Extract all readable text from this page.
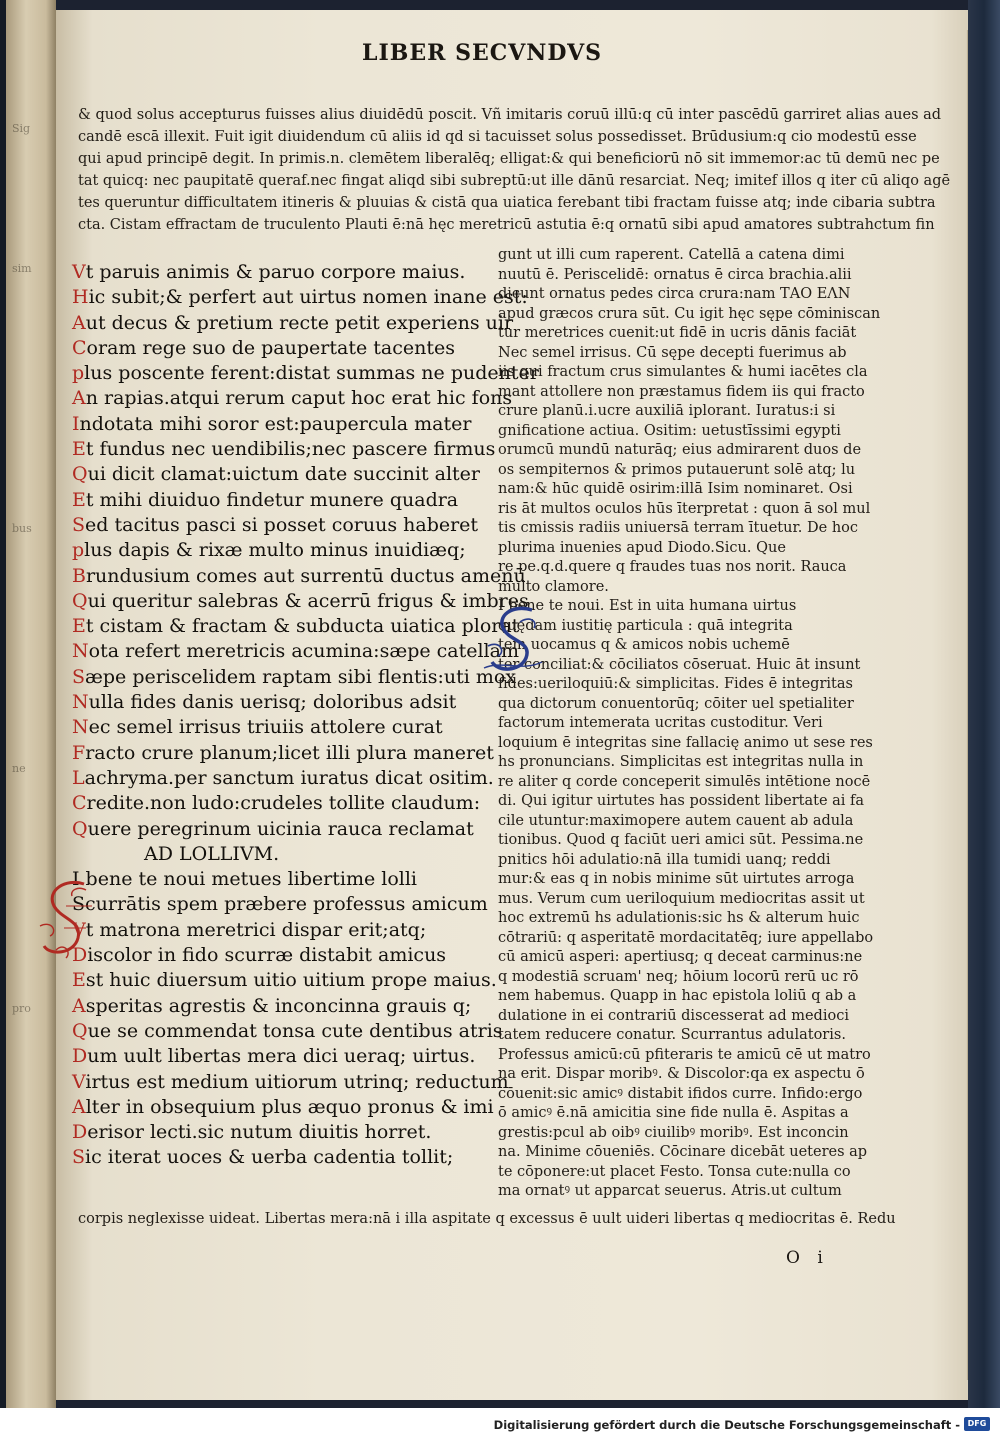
Sig
sim
bus
ne
pro
LIBER SECVNDVS

& quod solus accepturus fuisses alius diuidēdū poscit. Vñ imitaris coruū illū:q cū inter pascēdū garriret alias aues ad

candē escā illexit. Fuit igit diuidendum cū aliis id qd si tacuisset solus possedisset. Brūdusium:q cio modestū esse

qui apud principē degit. In primis.n. clemētem liberalēq; elligat:& qui beneficiorū nō sit immemor:ac tū demū nec pe

tat quicq: nec paupitatē queraf.nec fingat aliqd sibi subreptū:ut ille dānū resarciat. Neq; imitef illos q iter cū aliqo agē

tes queruntur difficultatem itineris & pluuias & cistā qua uiatica ferebant tibi fractam fuisse atq; inde cibaria subtra

cta. Cistam effractam de truculento Plauti ē:nā hęc meretricū astutia ē:q ornatū sibi apud amatores subtrahctum fin

Vt paruis animis & paruo corpore maius.

Hic subit;& perfert aut uirtus nomen inane est:

Aut decus & pretium recte petit experiens uir

Coram rege suo de paupertate tacentes

plus poscente ferent:distat summas ne pudenter

An rapias.atqui rerum caput hoc erat hic fons

Indotata mihi soror est:paupercula mater

Et fundus nec uendibilis;nec pascere firmus

Qui dicit clamat:uictum date succinit alter

Et mihi diuiduo findetur munere quadra

Sed tacitus pasci si posset coruus haberet

plus dapis & rixæ multo minus inuidiæq;

Brundusium comes aut surrentū ductus amenū

Qui queritur salebras & acerrū frigus & imbres

Et cistam & fractam & subducta uiatica plorat

Nota refert meretricis acumina:sæpe catellam

Sæpe periscelidem raptam sibi flentis:uti mox

Nulla fides danis uerisq; doloribus adsit

Nec semel irrisus triuiis attolere curat

Fracto crure planum;licet illi plura maneret

Lachryma.per sanctum iuratus dicat ositim.

Credite.non ludo:crudeles tollite claudum:

Quere peregrinum uicinia rauca reclamat

AD LOLLIVM.

I bene te noui metues libertime lolli

Scurrātis spem præbere professus amicum

Vt matrona meretrici dispar erit;atq;

Discolor in fido scurræ distabit amicus

Est huic diuersum uitio uitium prope maius.

Asperitas agrestis & inconcinna grauis q;

Que se commendat tonsa cute dentibus atris

Dum uult libertas mera dici ueraq; uirtus.

Virtus est medium uitiorum utrinq; reductum

Alter in obsequium plus æquo pronus & imi

Derisor lecti.sic nutum diuitis horret.

Sic iterat uoces & uerba cadentia tollit;

gunt ut illi cum raperent. Catellā a catena dimi

nuutū ē. Periscelidē: ornatus ē circa brachia.alii

dicunt ornatus pedes circa crura:nam ΤΑΟ ΕΛΝ

apud græcos crura sūt. Cu igit hęc sępe cōminiscan

tur meretrices cuenit:ut fidē in ucris dānis faciāt

Nec semel irrisus. Cū sępe decepti fuerimus ab

iis qui fractum crus simulantes & humi iacētes cla

mant attollere non præstamus fidem iis qui fracto

crure planū.i.ucre auxiliā iplorant. Iuratus:i si

gnificatione actiua. Ositim: uetustīssimi egypti

orumcū mundū naturāq; eius admirarent duos de

os sempiternos & primos putauerunt solē atq; lu

nam:& hūc quidē osirim:illā Isim nominaret. Osi

ris āt multos oculos hūs īterpretat : quon ā sol mul

tis cmissis radiis uniuersā terram ītuetur. De hoc

plurima inuenies apud Diodo.Sicu. Que

re pe.q.d.quere q fraudes tuas nos norit. Rauca

multo clamore.

I bene te noui. Est in uita humana uirtus

quędam iustitię particula : quā integrita

tem uocamus q & amicos nobis uchemē

ter conciliat:& cōciliatos cōseruat. Huic āt insunt

fides:ueriloquiū:& simplicitas. Fides ē integritas

qua dictorum conuentorūq; cōiter uel spetialiter

factorum intemerata ucritas custoditur. Veri

loquium ē integritas sine fallacię animo ut sese res

hs pronuncians. Simplicitas est integritas nulla in

re aliter q corde conceperit simulēs intētione nocē

di. Qui igitur uirtutes has possident libertate ai fa

cile utuntur:maximopere autem cauent ab adula

tionibus. Quod q faciūt ueri amici sūt. Pessima.ne

pnitics hōi adulatio:nā illa tumidi uanq; reddi

mur:& eas q in nobis minime sūt uirtutes arroga

mus. Verum cum ueriloquium mediocritas assit ut

hoc extremū hs adulationis:sic hs & alterum huic

cōtrariū: q asperitatē mordacitatēq; iure appellabo

cū amicū asperi: apertiusq; q deceat carminus:ne

q modestiā scruam' neq; hōium locorū rerū uc rō

nem habemus. Quapp in hac epistola loliū q ab a

dulatione in ei contrariū discesserat ad medioci

tatem reducere conatur. Scurrantus adulatoris.

Professus amicū:cū pfiteraris te amicū cē ut matro

na erit. Dispar moribꝰ. & Discolor:qa ex aspectu ō

cōuenit:sic amicꝰ distabit ifidos curre. Infido:ergo

ō amicꝰ ē.nā amicitia sine fide nulla ē. Aspitas a

grestis:pcul ab oibꝰ ciuilibꝰ moribꝰ. Est inconcin

na. Minime cōueniēs. Cōcinare dicebāt ueteres ap

te cōponere:ut placet Festo. Tonsa cute:nulla co

ma ornatꝰ ut apparcat seuerus. Atris.ut cultum

corpis neglexisse uideat. Libertas mera:nā i illa aspitate q excessus ē uult uideri libertas q mediocritas ē. Redu

O i
Digitalisierung gefördert durch die Deutsche Forschungsgemeinschaft - DFG
